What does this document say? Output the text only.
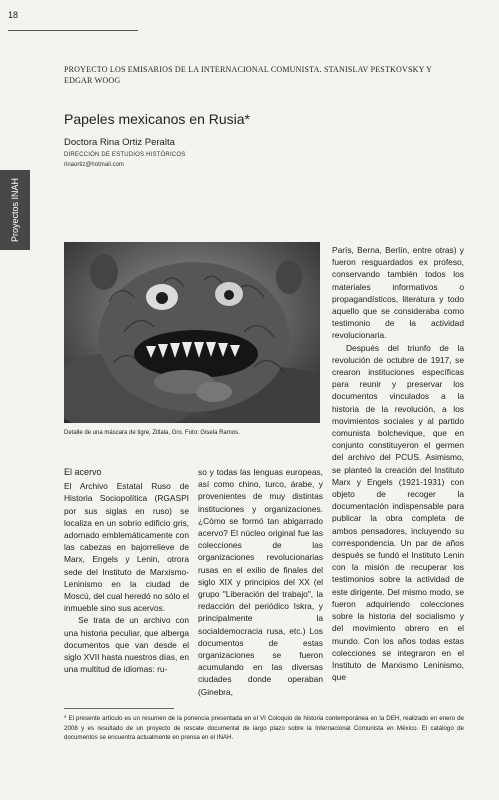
18
PROYECTO LOS EMISARIOS DE LA INTERNACIONAL COMUNISTA. STANISLAV PESTKOVSKY Y
EDGAR WOOG
Papeles mexicanos en Rusia*
Doctora Rina Ortiz Peralta
DIRECCIÓN DE ESTUDIOS HISTÓRICOS
rinaortiz@hotmail.com
Proyectos INAH
Detalle de una máscara de tigre, Zitlala, Gro. Foto: Gisela Ramos.
El acervo

El Archivo Estatal Ruso de Historia Sociopolítica (RGASPI por sus siglas en ruso) se localiza en un sobrio edificio gris, adornado emblemáticamente con las cabezas en bajorrelieve de Marx, Engels y Lenin, otrora sede del Instituto de Marxismo-Leninismo en la ciudad de Moscú, del cual heredó no sólo el inmueble sino sus acervos.

Se trata de un archivo con una historia peculiar, que alberga documentos que van desde el siglo XVII hasta nuestros días, en una multitud de idiomas: ru-

so y todas las lenguas europeas, así como chino, turco, árabe, y provenientes de muy distintas instituciones y organizaciones. ¿Cómo se formó tan abigarrado acervo? El núcleo original fue las colecciones de las organizaciones revolucionarias rusas en el exilio de finales del siglo XIX y principios del XX (el grupo "Liberación del trabajo", la redacción del periódico Iskra, y principalmente la socialdemocracia rusa, etc.) Los documentos de estas organizaciones se fueron acumulando en las diversas ciudades donde operaban (Ginebra,

París, Berna, Berlín, entre otras) y fueron resguardados ex profeso, conservando también todos los materiales informativos o propagandísticos, literatura y todo aquello que se consideraba como testimonio de la actividad revolucionaria.

Después del triunfo de la revolución de octubre de 1917, se crearon instituciones específicas para reunir y preservar los documentos vinculados a la historia de la revolución, a los movimientos sociales y al partido comunista bolchevique, que en conjunto constituyeron el germen del archivo del PCUS. Asimismo, se planteó la creación del Instituto Marx y Engels (1921-1931) con objeto de recoger la documentación indispensable para publicar la obra completa de ambos pensadores, incluyendo su correspondencia. Un par de años después se fundó el Instituto Lenin con la misión de recuperar los testimonios sobre la actividad de este dirigente. Del mismo modo, se fueron adquiriendo colecciones sobre la historia del socialismo y del movimiento obrero en el mundo. Con los años todas estas colecciones se integraron en el Instituto de Marxismo Leninismo, que

* El presente artículo es un resumen de la ponencia presentada en el VI Coloquio de historia contemporánea en la DEH, realizado en enero de 2008 y es resultado de un proyecto de rescate documental de largo plazo sobre la Internacional Comunista en México. El catálogo de documentos se encuentra actualmente en prensa en el INAH.
